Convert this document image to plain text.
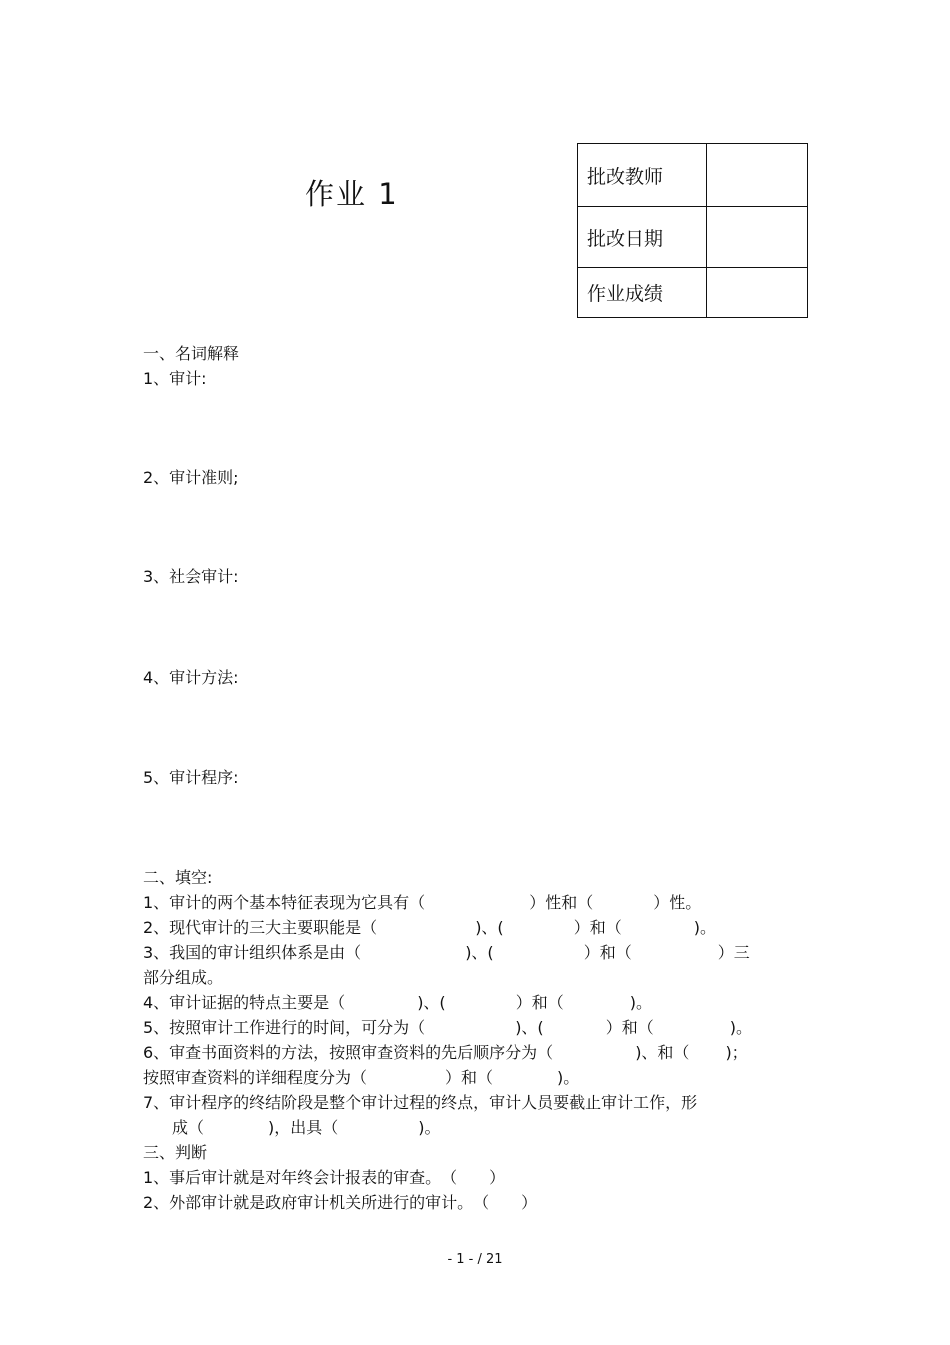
作业 1
批改教师	
批改日期	
作业成绩	
一、名词解释
1、审计:
2、审计准则;
3、社会审计:
4、审计方法:
5、审计程序:
二、填空:
1、审计的两个基本特征表现为它具有（	）性和（	）性。
2、现代审计的三大主要职能是（	)、(	）和（	)。
3、我国的审计组织体系是由（	)、(	）和（	）三
部分组成。
4、审计证据的特点主要是（	)、(	）和（	)。
5、按照审计工作进行的时间，可分为（	)、(	）和（	)。
6、审查书面资料的方法，按照审查资料的先后顺序分为（	)、和（ )；
按照审查资料的详细程度分为（	）和（	)。
7、审计程序的终结阶段是整个审计过程的终点，审计人员要截止审计工作，形
成（	)，出具（	)。
三、判断
1、事后审计就是对年终会计报表的审查。　（　　）
2、外部审计就是政府审计机关所进行的审计。　（　　）
- 1 - / 21
